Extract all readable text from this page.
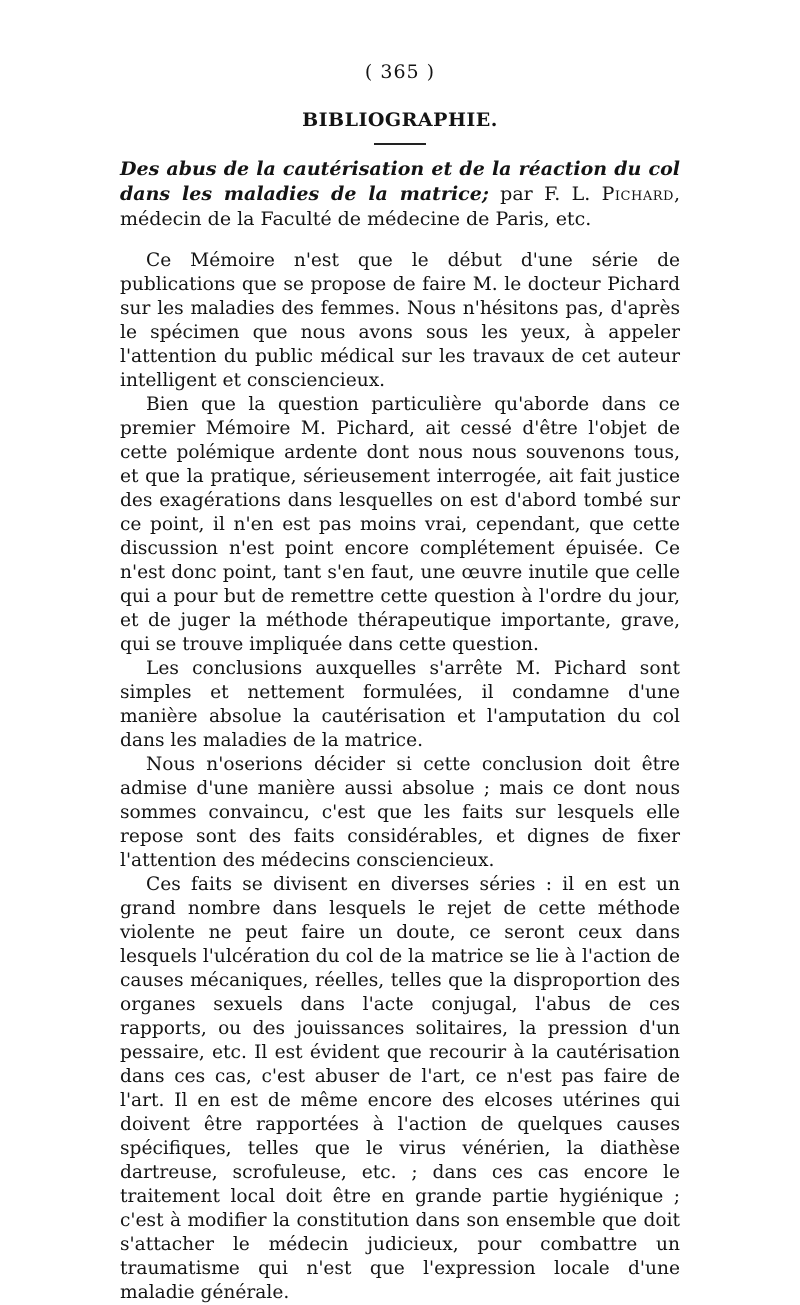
( 365 )
BIBLIOGRAPHIE.

Des abus de la cautérisation et de la réaction du col dans les maladies de la matrice; par F. L. Pichard, médecin de la Faculté de médecine de Paris, etc.

Ce Mémoire n'est que le début d'une série de publications que se propose de faire M. le docteur Pichard sur les maladies des femmes. Nous n'hésitons pas, d'après le spécimen que nous avons sous les yeux, à appeler l'attention du public médical sur les travaux de cet auteur intelligent et consciencieux.

Bien que la question particulière qu'aborde dans ce premier Mémoire M. Pichard, ait cessé d'être l'objet de cette polémique ardente dont nous nous souvenons tous, et que la pratique, sérieusement interrogée, ait fait justice des exagérations dans lesquelles on est d'abord tombé sur ce point, il n'en est pas moins vrai, cependant, que cette discussion n'est point encore complétement épuisée. Ce n'est donc point, tant s'en faut, une œuvre inutile que celle qui a pour but de remettre cette question à l'ordre du jour, et de juger la méthode thérapeutique importante, grave, qui se trouve impliquée dans cette question.

Les conclusions auxquelles s'arrête M. Pichard sont simples et nettement formulées, il condamne d'une manière absolue la cautérisation et l'amputation du col dans les maladies de la matrice.

Nous n'oserions décider si cette conclusion doit être admise d'une manière aussi absolue ; mais ce dont nous sommes convaincu, c'est que les faits sur lesquels elle repose sont des faits considérables, et dignes de fixer l'attention des médecins consciencieux.

Ces faits se divisent en diverses séries : il en est un grand nombre dans lesquels le rejet de cette méthode violente ne peut faire un doute, ce seront ceux dans lesquels l'ulcération du col de la matrice se lie à l'action de causes mécaniques, réelles, telles que la disproportion des organes sexuels dans l'acte conjugal, l'abus de ces rapports, ou des jouissances solitaires, la pression d'un pessaire, etc. Il est évident que recourir à la cautérisation dans ces cas, c'est abuser de l'art, ce n'est pas faire de l'art. Il en est de même encore des elcoses utérines qui doivent être rapportées à l'action de quelques causes spécifiques, telles que le virus vénérien, la diathèse dartreuse, scrofuleuse, etc. ; dans ces cas encore le traitement local doit être en grande partie hygiénique ; c'est à modifier la constitution dans son ensemble que doit s'attacher le médecin judicieux, pour combattre un traumatisme qui n'est que l'expression locale d'une maladie générale.
